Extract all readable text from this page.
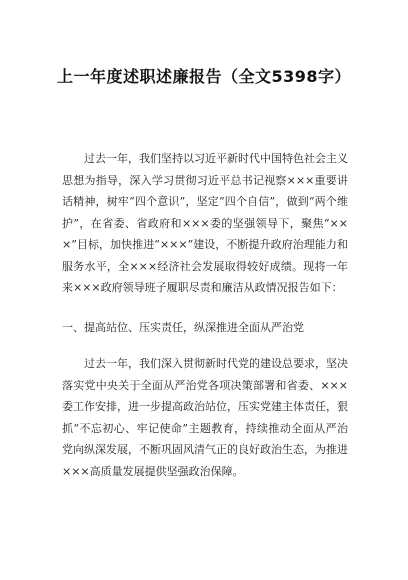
上一年度述职述廉报告（全文5398字）

过去一年，我们坚持以习近平新时代中国特色社会主义思想为指导，深入学习贯彻习近平总书记视察×××重要讲话精神，树牢“四个意识”，坚定“四个自信”，做到“两个维护”，在省委、省政府和×××委的坚强领导下，聚焦“×××”目标，加快推进“×××”建设，不断提升政府治理能力和服务水平，全×××经济社会发展取得较好成绩。现将一年来×××政府领导班子履职尽责和廉洁从政情况报告如下：

一、提高站位、压实责任，纵深推进全面从严治党

过去一年，我们深入贯彻新时代党的建设总要求，坚决落实党中央关于全面从严治党各项决策部署和省委、×××委工作安排，进一步提高政治站位，压实党建主体责任，狠抓“不忘初心、牢记使命”主题教育，持续推动全面从严治党向纵深发展，不断巩固风清气正的良好政治生态，为推进×××高质量发展提供坚强政治保障。
